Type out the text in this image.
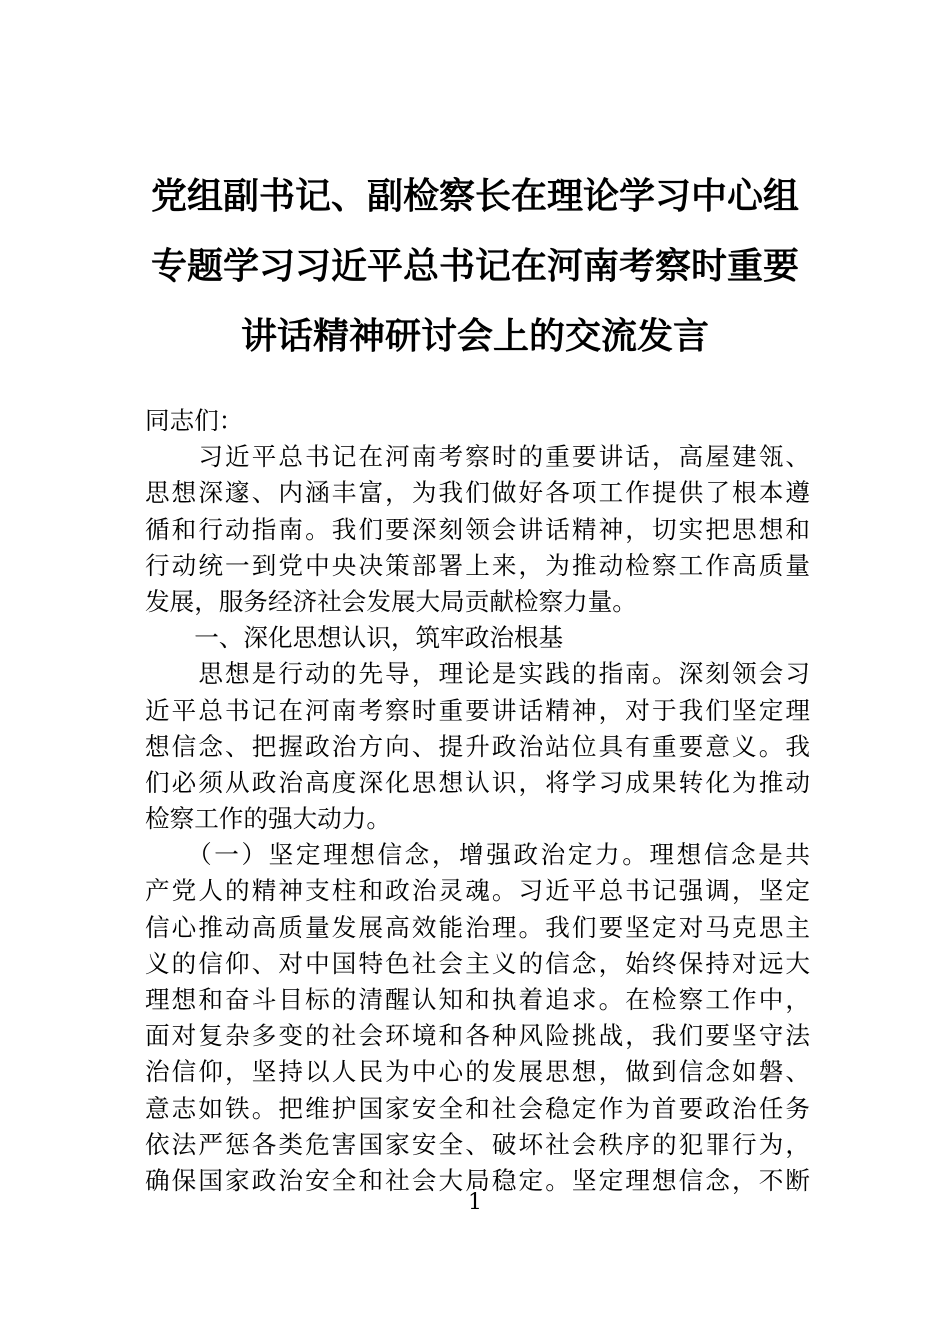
党组副书记、副检察长在理论学习中心组
专题学习习近平总书记在河南考察时重要
讲话精神研讨会上的交流发言
同志们：
　　习近平总书记在河南考察时的重要讲话，高屋建瓴、
思想深邃、内涵丰富，为我们做好各项工作提供了根本遵
循和行动指南。我们要深刻领会讲话精神，切实把思想和
行动统一到党中央决策部署上来，为推动检察工作高质量
发展，服务经济社会发展大局贡献检察力量。
　　一、深化思想认识，筑牢政治根基
　　思想是行动的先导，理论是实践的指南。深刻领会习
近平总书记在河南考察时重要讲话精神，对于我们坚定理
想信念、把握政治方向、提升政治站位具有重要意义。我
们必须从政治高度深化思想认识，将学习成果转化为推动
检察工作的强大动力。
　　（一）坚定理想信念，增强政治定力。理想信念是共
产党人的精神支柱和政治灵魂。习近平总书记强调，坚定
信心推动高质量发展高效能治理。我们要坚定对马克思主
义的信仰、对中国特色社会主义的信念，始终保持对远大
理想和奋斗目标的清醒认知和执着追求。在检察工作中，
面对复杂多变的社会环境和各种风险挑战，我们要坚守法
治信仰，坚持以人民为中心的发展思想，做到信念如磐、
意志如铁。把维护国家安全和社会稳定作为首要政治任务
依法严惩各类危害国家安全、破坏社会秩序的犯罪行为，
确保国家政治安全和社会大局稳定。坚定理想信念，不断
1
